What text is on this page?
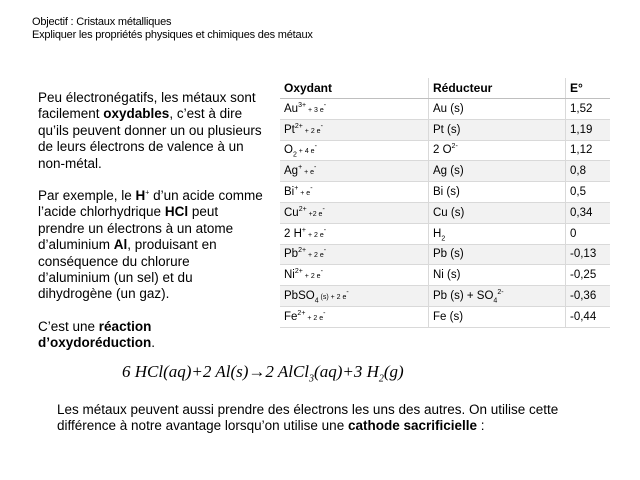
Objectif : Cristaux métalliques
Expliquer les propriétés physiques et chimiques des métaux

Peu électronégatifs, les métaux sont facilement oxydables, c’est à dire qu’ils peuvent donner un ou plusieurs de leurs électrons de valence à un non-métal.

Par exemple, le H+ d’un acide comme l’acide chlorhydrique HCl peut prendre un électrons à un atome d’aluminium Al, produisant en conséquence du chlorure d’aluminium (un sel) et du dihydrogène (un gaz).

C’est une réaction d’oxydoréduction.

Oxydant	Réducteur	E°
$Au^{3+} + 3$ e-	Au (s)	1,52
$Pt^{2+} + 2$ e-	Pt (s)	1,19
$O_2 + 4$ e-	2 $O^{2-}$	1,12
Ag+ + e-	Ag (s)	0,8
Bi+ + e-	Bi (s)	0,5
$Cu^{2+} +2$ e-	Cu (s)	0,34
2 H+ + 2 e-	$H_2$	0
$Pb^{2+} + 2$ e-	Pb (s)	-0,13
$Ni^{2+} + 2$ e-	Ni (s)	-0,25
PbSO$_4$ (s) + 2 e-	Pb $(s) + SO_4^{2-}$	-0,36
$Fe^{2+} + 2$ e-	Fe (s)	-0,44
6 HCl(aq)+2 Al(s)→2 AlCl$_3$(aq)+3 $H_2(g)$
Les métaux peuvent aussi prendre des électrons les uns des autres. On utilise cette différence à notre avantage lorsqu’on utilise une cathode sacrificielle :
